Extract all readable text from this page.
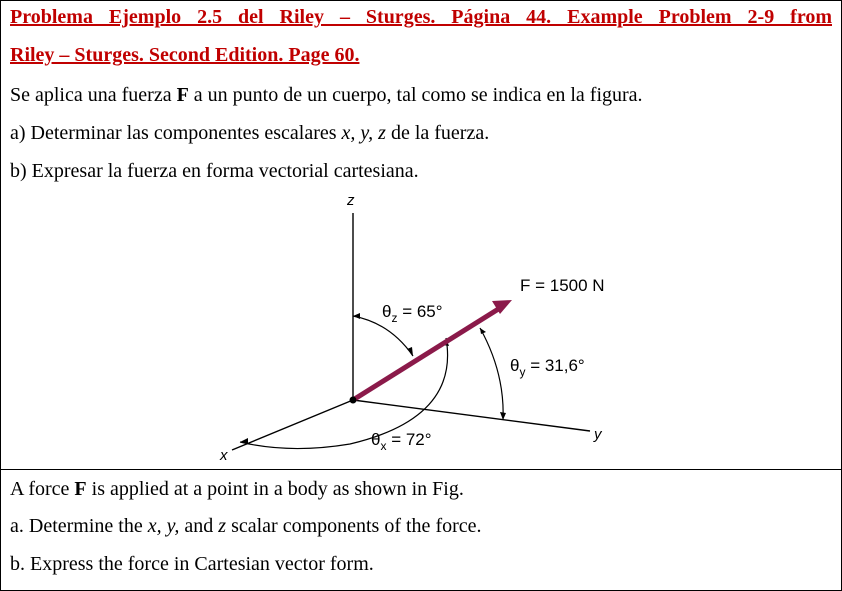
Problema Ejemplo 2.5 del Riley – Sturges. Página 44. Example Problem 2-9 from
Riley – Sturges. Second Edition. Page 60.
Se aplica una fuerza F a un punto de un cuerpo, tal como se indica en la figura.
a) Determinar las componentes escalares x, y, z de la fuerza.
b) Expresar la fuerza en forma vectorial cartesiana.
z
y
x
F = 1500 N
$\theta_z = 65^\circ$
$\theta_y = 31,6^\circ$
$\theta_x = 72^\circ$
A force F is applied at a point in a body as shown in Fig.
a. Determine the x, y, and z scalar components of the force.
b. Express the force in Cartesian vector form.
